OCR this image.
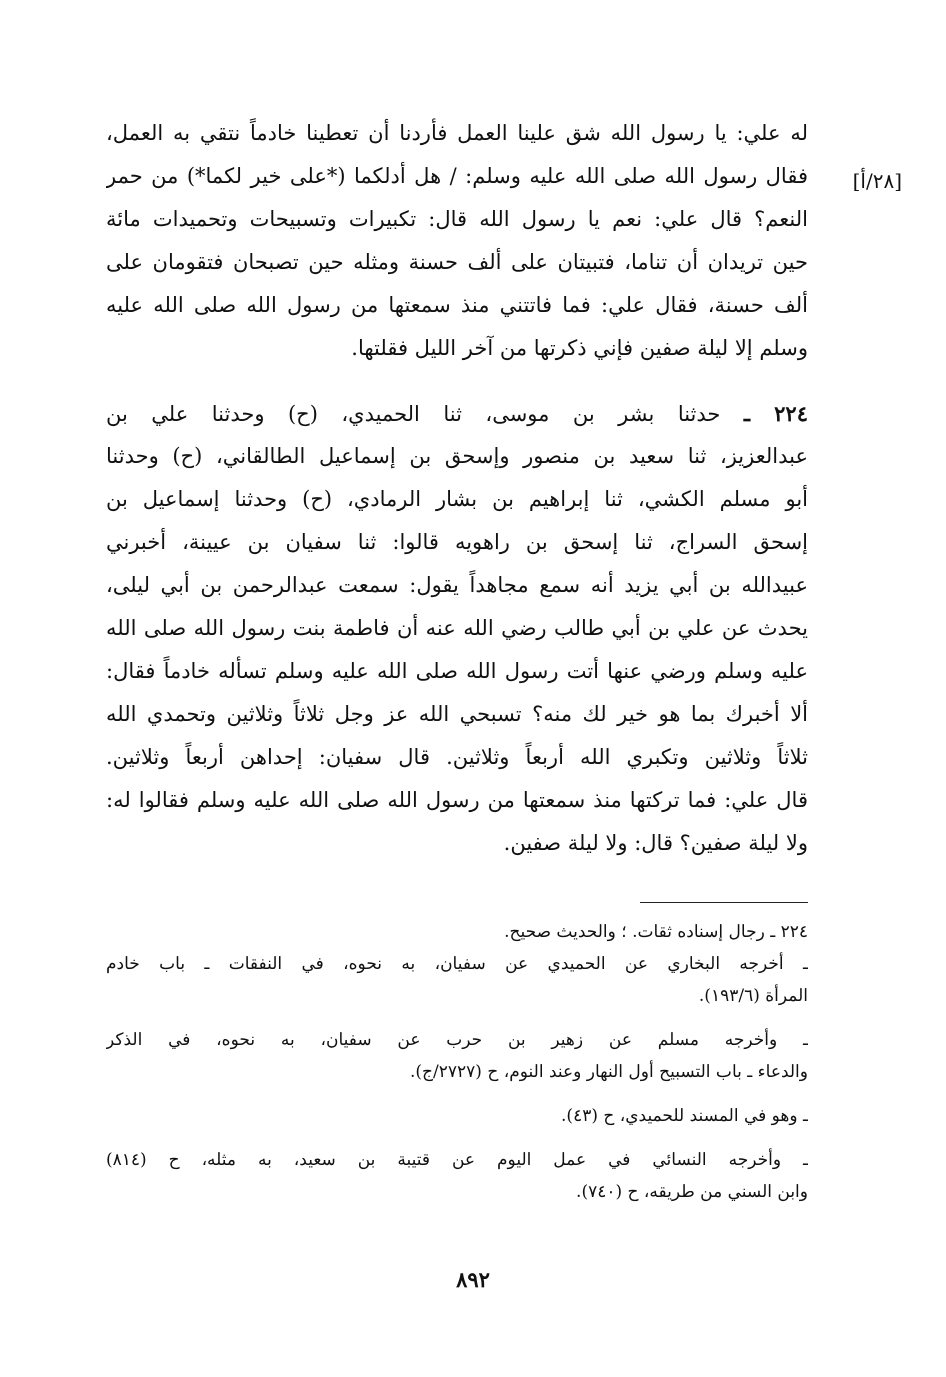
[٢٨/أ]
له علي: يا رسول الله شق علينا العمل فأردنا أن تعطينا خادماً نتقي به العمل،
فقال رسول الله صلى الله عليه وسلم: / هل أدلكما (*على خير لكما*) من حمر
النعم؟ قال علي: نعم يا رسول الله قال: تكبيرات وتسبيحات وتحميدات مائة
حين تريدان أن تناما، فتبيتان على ألف حسنة ومثله حين تصبحان فتقومان على
ألف حسنة، فقال علي: فما فاتتني منذ سمعتها من رسول الله صلى الله عليه
وسلم إلا ليلة صفين فإني ذكرتها من آخر الليل فقلتها.
٢٢٤ ـ حدثنا بشر بن موسى، ثنا الحميدي، (ح) وحدثنا علي بن
عبدالعزيز، ثنا سعيد بن منصور وإسحق بن إسماعيل الطالقاني، (ح) وحدثنا
أبو مسلم الكشي، ثنا إبراهيم بن بشار الرمادي، (ح) وحدثنا إسماعيل بن
إسحق السراج، ثنا إسحق بن راهويه قالوا: ثنا سفيان بن عيينة، أخبرني
عبيدالله بن أبي يزيد أنه سمع مجاهداً يقول: سمعت عبدالرحمن بن أبي ليلى،
يحدث عن علي بن أبي طالب رضي الله عنه أن فاطمة بنت رسول الله صلى الله
عليه وسلم ورضي عنها أتت رسول الله صلى الله عليه وسلم تسأله خادماً فقال:
ألا أخبرك بما هو خير لك منه؟ تسبحي الله عز وجل ثلاثاً وثلاثين وتحمدي الله
ثلاثاً وثلاثين وتكبري الله أربعاً وثلاثين. قال سفيان: إحداهن أربعاً وثلاثين.
قال علي: فما تركتها منذ سمعتها من رسول الله صلى الله عليه وسلم فقالوا له:
ولا ليلة صفين؟ قال: ولا ليلة صفين.
٢٢٤ ـ رجال إسناده ثقات. ؛ والحديث صحيح.
ـ أخرجه البخاري عن الحميدي عن سفيان، به نحوه، في النفقات ـ باب خادم
المرأة (١٩٣/٦).
ـ وأخرجه مسلم عن زهير بن حرب عن سفيان، به نحوه، في الذكر
والدعاء ـ باب التسبيح أول النهار وعند النوم، ح (٢٧٢٧/ج).
ـ وهو في المسند للحميدي، ح (٤٣).
ـ وأخرجه النسائي في عمل اليوم عن قتيبة بن سعيد، به مثله، ح (٨١٤)
وابن السني من طريقه، ح (٧٤٠).
٨٩٢
